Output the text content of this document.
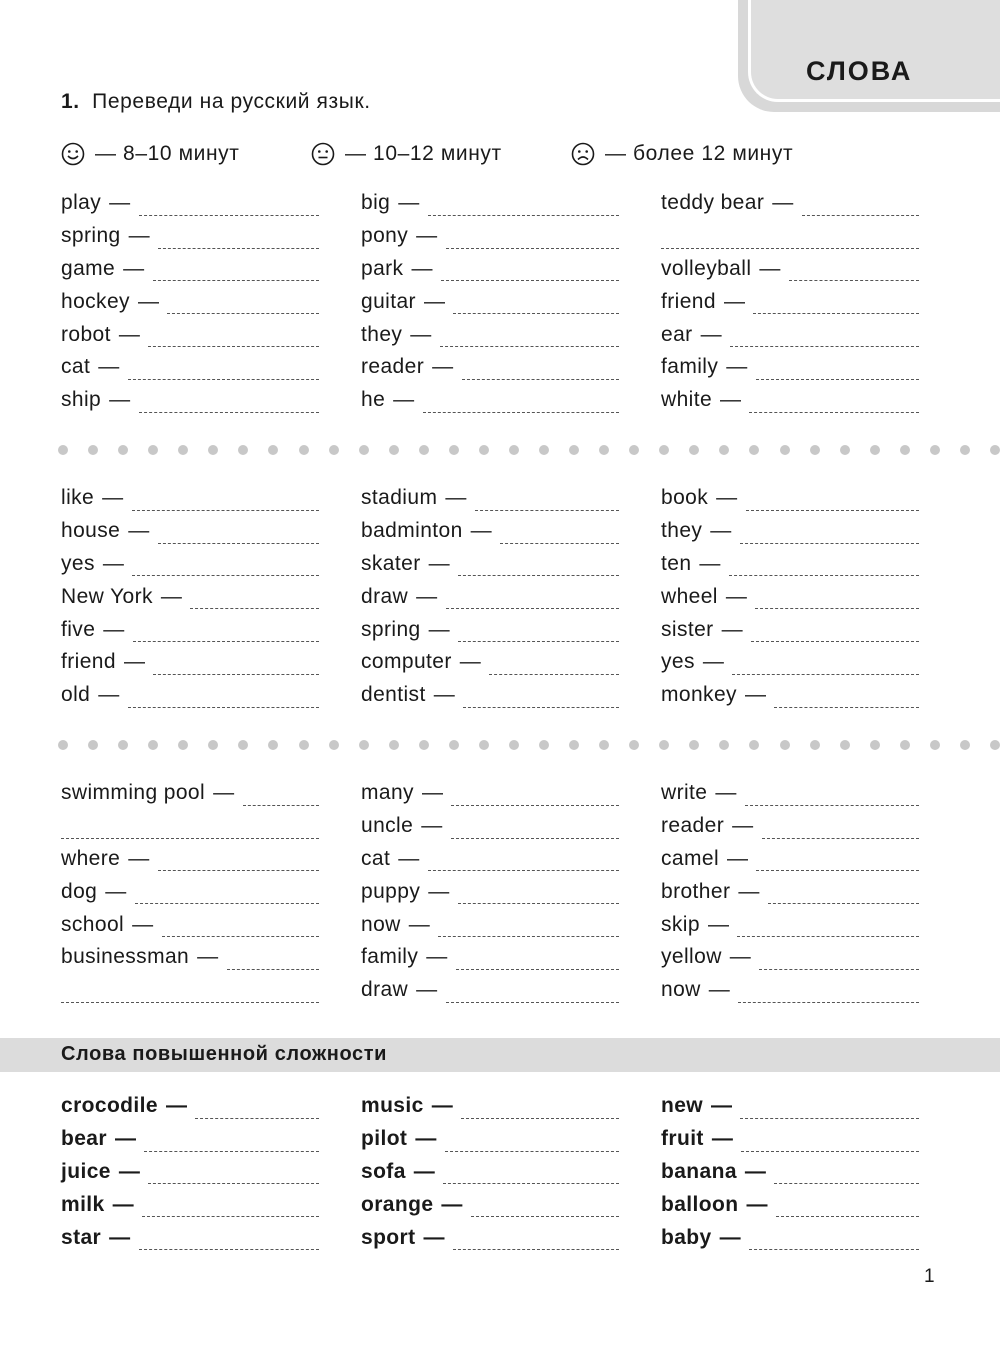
СЛОВА
1. Переведи на русский язык.
— 8–10 минут	— 10–12 минут	— более 12 минут
play —
spring —
game —
hockey —
robot —
cat —
ship —
big —
pony —
park —
guitar —
they —
reader —
he —
teddy bear —
volleyball —
friend —
ear —
family —
white —
like —
house —
yes —
New York —
five —
friend —
old —
stadium —
badminton —
skater —
draw —
spring —
computer —
dentist —
book —
they —
ten —
wheel —
sister —
yes —
monkey —
swimming pool —
where —
dog —
school —
businessman —
many —
uncle —
cat —
puppy —
now —
family —
draw —
write —
reader —
camel —
brother —
skip —
yellow —
now —
Слова повышенной сложности
crocodile —
bear —
juice —
milk —
star —
music —
pilot —
sofa —
orange —
sport —
new —
fruit —
banana —
balloon —
baby —
1
